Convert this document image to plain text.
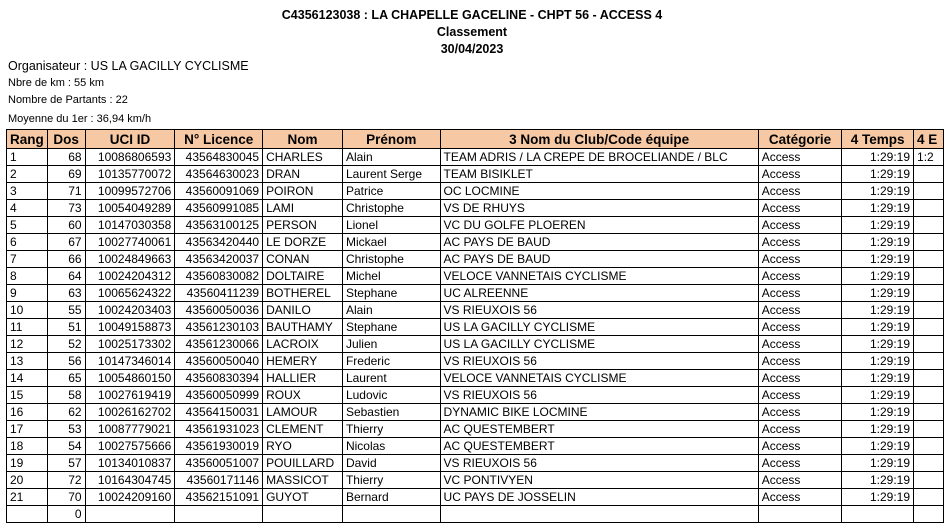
C4356123038 : LA CHAPELLE GACELINE - CHPT 56 - ACCESS 4
Classement
30/04/2023
Organisateur : US LA GACILLY CYCLISME
Nbre de km : 55 km
Nombre de Partants : 22
Moyenne du 1er : 36,94 km/h
Rang	Dos	UCI ID	N° Licence	Nom	Prénom	3 Nom du Club/Code équipe	Catégorie	4 Temps	4 E
1	68	10086806593	43564830045	CHARLES	Alain	TEAM ADRIS / LA CREPE DE BROCELIANDE / BLC	Access	1:29:19	1:2
2	69	10135770072	43564630023	DRAN	Laurent Serge	TEAM BISIKLET	Access	1:29:19	
3	71	10099572706	43560091069	POIRON	Patrice	OC LOCMINE	Access	1:29:19	
4	73	10054049289	43560991085	LAMI	Christophe	VS DE RHUYS	Access	1:29:19	
5	60	10147030358	43563100125	PERSON	Lionel	VC DU GOLFE PLOEREN	Access	1:29:19	
6	67	10027740061	43563420440	LE DORZE	Mickael	AC PAYS DE BAUD	Access	1:29:19	
7	66	10024849663	43563420037	CONAN	Christophe	AC PAYS DE BAUD	Access	1:29:19	
8	64	10024204312	43560830082	DOLTAIRE	Michel	VELOCE VANNETAIS CYCLISME	Access	1:29:19	
9	63	10065624322	43560411239	BOTHEREL	Stephane	UC ALREENNE	Access	1:29:19	
10	55	10024203403	43560050036	DANILO	Alain	VS RIEUXOIS 56	Access	1:29:19	
11	51	10049158873	43561230103	BAUTHAMY	Stephane	US LA GACILLY CYCLISME	Access	1:29:19	
12	52	10025173302	43561230066	LACROIX	Julien	US LA GACILLY CYCLISME	Access	1:29:19	
13	56	10147346014	43560050040	HEMERY	Frederic	VS RIEUXOIS 56	Access	1:29:19	
14	65	10054860150	43560830394	HALLIER	Laurent	VELOCE VANNETAIS CYCLISME	Access	1:29:19	
15	58	10027619419	43560050999	ROUX	Ludovic	VS RIEUXOIS 56	Access	1:29:19	
16	62	10026162702	43564150031	LAMOUR	Sebastien	DYNAMIC BIKE LOCMINE	Access	1:29:19	
17	53	10087779021	43561931023	CLEMENT	Thierry	AC QUESTEMBERT	Access	1:29:19	
18	54	10027575666	43561930019	RYO	Nicolas	AC QUESTEMBERT	Access	1:29:19	
19	57	10134010837	43560051007	POUILLARD	David	VS RIEUXOIS 56	Access	1:29:19	
20	72	10164304745	43560171146	MASSICOT	Thierry	VC PONTIVYEN	Access	1:29:19	
21	70	10024209160	43562151091	GUYOT	Bernard	UC PAYS DE JOSSELIN	Access	1:29:19	
	0								
